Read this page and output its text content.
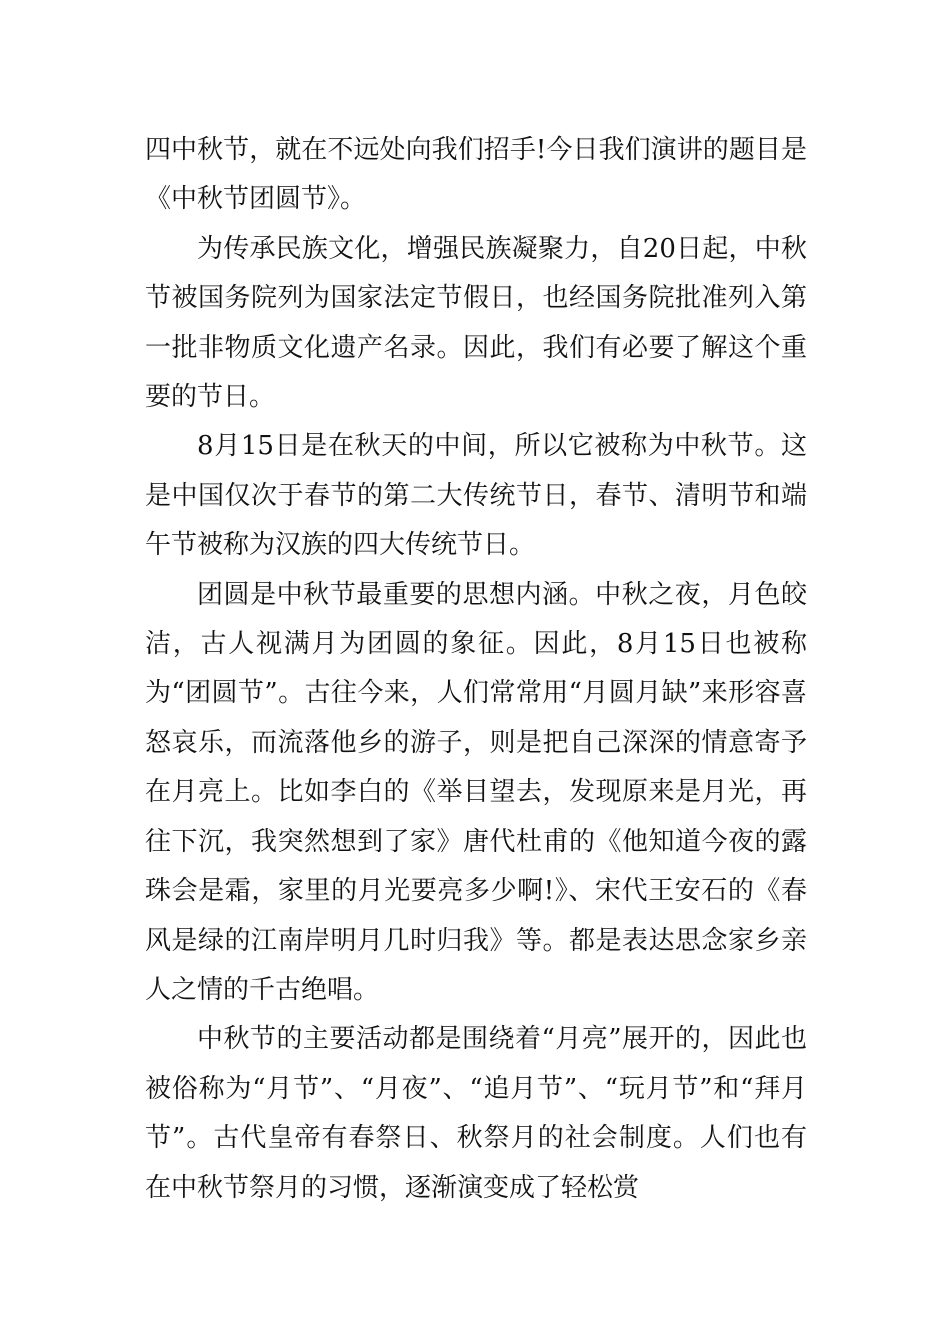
四中秋节，就在不远处向我们招手!今日我们演讲的题目是《中秋节团圆节》。

为传承民族文化，增强民族凝聚力，自20日起，中秋节被国务院列为国家法定节假日，也经国务院批准列入第一批非物质文化遗产名录。因此，我们有必要了解这个重要的节日。

8月15日是在秋天的中间，所以它被称为中秋节。这是中国仅次于春节的第二大传统节日，春节、清明节和端午节被称为汉族的四大传统节日。

团圆是中秋节最重要的思想内涵。中秋之夜，月色皎洁，古人视满月为团圆的象征。因此，8月15日也被称为“团圆节”。古往今来，人们常常用“月圆月缺”来形容喜怒哀乐，而流落他乡的游子，则是把自己深深的情意寄予在月亮上。比如李白的《举目望去，发现原来是月光，再往下沉，我突然想到了家》唐代杜甫的《他知道今夜的露珠会是霜，家里的月光要亮多少啊!》、宋代王安石的《春风是绿的江南岸明月几时归我》等。都是表达思念家乡亲人之情的千古绝唱。

中秋节的主要活动都是围绕着“月亮”展开的，因此也被俗称为“月节”、“月夜”、“追月节”、“玩月节”和“拜月节”。古代皇帝有春祭日、秋祭月的社会制度。人们也有在中秋节祭月的习惯，逐渐演变成了轻松赏
